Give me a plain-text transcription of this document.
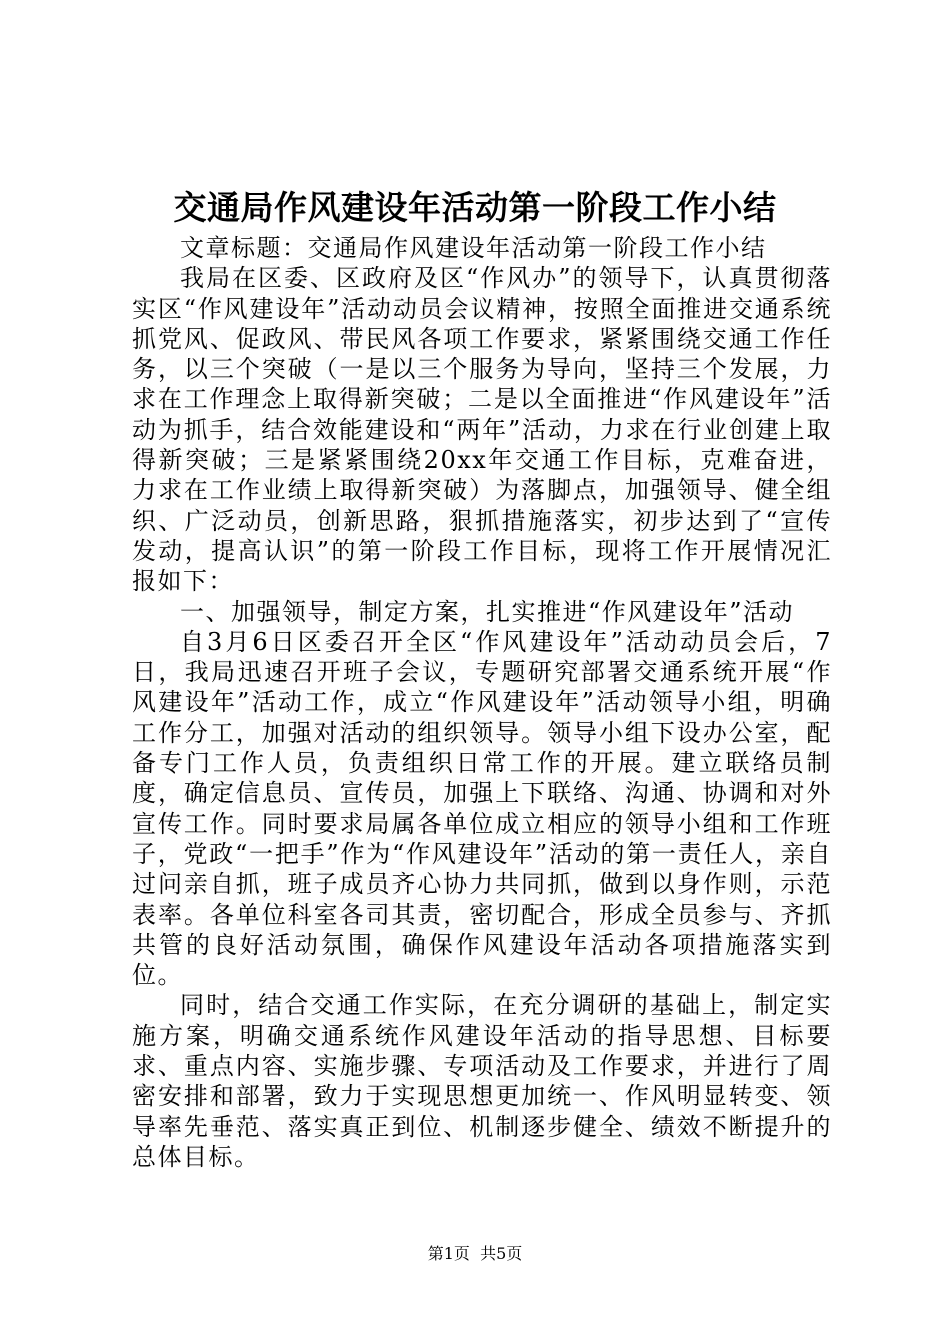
交通局作风建设年活动第一阶段工作小结

文章标题：交通局作风建设年活动第一阶段工作小结

我局在区委、区政府及区“作风办”的领导下，认真贯彻落实区“作风建设年”活动动员会议精神，按照全面推进交通系统抓党风、促政风、带民风各项工作要求，紧紧围绕交通工作任务，以三个突破（一是以三个服务为导向，坚持三个发展，力求在工作理念上取得新突破；二是以全面推进“作风建设年”活动为抓手，结合效能建设和“两年”活动，力求在行业创建上取得新突破；三是紧紧围绕20xx年交通工作目标，克难奋进，力求在工作业绩上取得新突破）为落脚点，加强领导、健全组织、广泛动员，创新思路，狠抓措施落实，初步达到了“宣传发动，提高认识”的第一阶段工作目标，现将工作开展情况汇报如下：

一、加强领导，制定方案，扎实推进“作风建设年”活动

自3月6日区委召开全区“作风建设年”活动动员会后，7日，我局迅速召开班子会议，专题研究部署交通系统开展“作风建设年”活动工作，成立“作风建设年”活动领导小组，明确工作分工，加强对活动的组织领导。领导小组下设办公室，配备专门工作人员，负责组织日常工作的开展。建立联络员制度，确定信息员、宣传员，加强上下联络、沟通、协调和对外宣传工作。同时要求局属各单位成立相应的领导小组和工作班子，党政“一把手”作为“作风建设年”活动的第一责任人，亲自过问亲自抓，班子成员齐心协力共同抓，做到以身作则，示范表率。各单位科室各司其责，密切配合，形成全员参与、齐抓共管的良好活动氛围，确保作风建设年活动各项措施落实到位。

同时，结合交通工作实际，在充分调研的基础上，制定实施方案，明确交通系统作风建设年活动的指导思想、目标要求、重点内容、实施步骤、专项活动及工作要求，并进行了周密安排和部署，致力于实现思想更加统一、作风明显转变、领导率先垂范、落实真正到位、机制逐步健全、绩效不断提升的总体目标。

第1页 共5页
